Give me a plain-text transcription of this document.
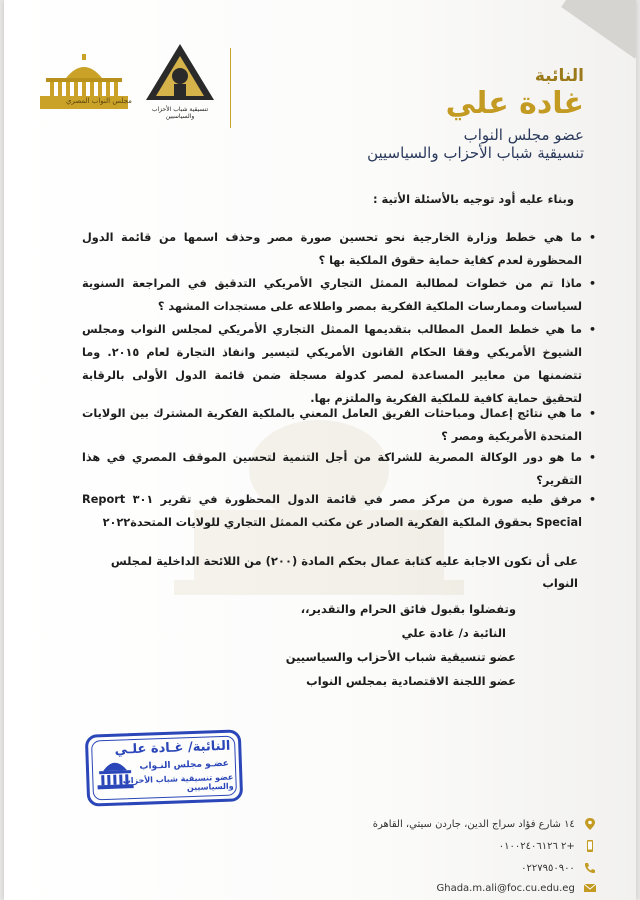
مجلس النواب المصري
تنسيقية شباب الأحزاب والسياسيين
النائبة
غادة علي
عضو مجلس النواب
تنسيقية شباب الأحزاب والسياسيين
وبناء عليه أود توجيه بالأسئلة الأتية :
•
ما هي خطط وزارة الخارجية نحو تحسين صورة مصر وحذف اسمها من قائمة الدول المحظورة لعدم كفاية حماية حقوق الملكية بها ؟
•
ماذا تم من خطوات لمطالبة الممثل التجاري الأمريكي التدقيق في المراجعة السنوية لسياسات وممارسات الملكية الفكرية بمصر واطلاعه على مستجدات المشهد ؟
•
ما هي خطط العمل المطالب بتقديمها الممثل التجاري الأمريكي لمجلس النواب ومجلس الشيوخ الأمريكي وفقا الحكام القانون الأمريكي لتيسير وانفاذ التجارة لعام ٢٠١٥. وما تتضمنها من معايير المساعدة لمصر كدولة مسجلة ضمن قائمة الدول الأولى بالرقابة لتحقيق حماية كافية للملكية الفكرية والملتزم بها.
•
ما هي نتائج إعمال ومباحثات الفريق العامل المعني بالملكية الفكرية المشترك بين الولايات المتحدة الأمريكية ومصر ؟
•
ما هو دور الوكالة المصرية للشراكة من أجل التنمية لتحسين الموقف المصري في هذا التقرير؟
•
مرفق طيه صورة من مركز مصر في قائمة الدول المحظورة في تقرير ٣٠١ Report Special بحقوق الملكية الفكرية الصادر عن مكتب الممثل التجاري للولايات المتحدة٢٠٢٢
على أن تكون الاجابة عليه كتابة عمال بحكم المادة (٢٠٠) من اللائحة الداخلية لمجلس النواب
وتفضلوا بقبول فائق الحرام والتقدير،،
النائبة د/ غادة علي
عضو تنسيقية شباب الأحزاب والسياسيين
عضو اللجنة الاقتصادية بمجلس النواب
النائبة/ غـادة علـي
عضـو مجلس النـواب
عضو تنسيقية شباب الأحزاب والسياسيين
١٤ شارع فؤاد سراج الدين، جاردن سيتي، القاهرة
+٢ ٠١٠٠٢٤٠٦١٢٦
٠٢٢٧٩٥٠٩٠٠
Ghada.m.ali@foc.cu.edu.eg
